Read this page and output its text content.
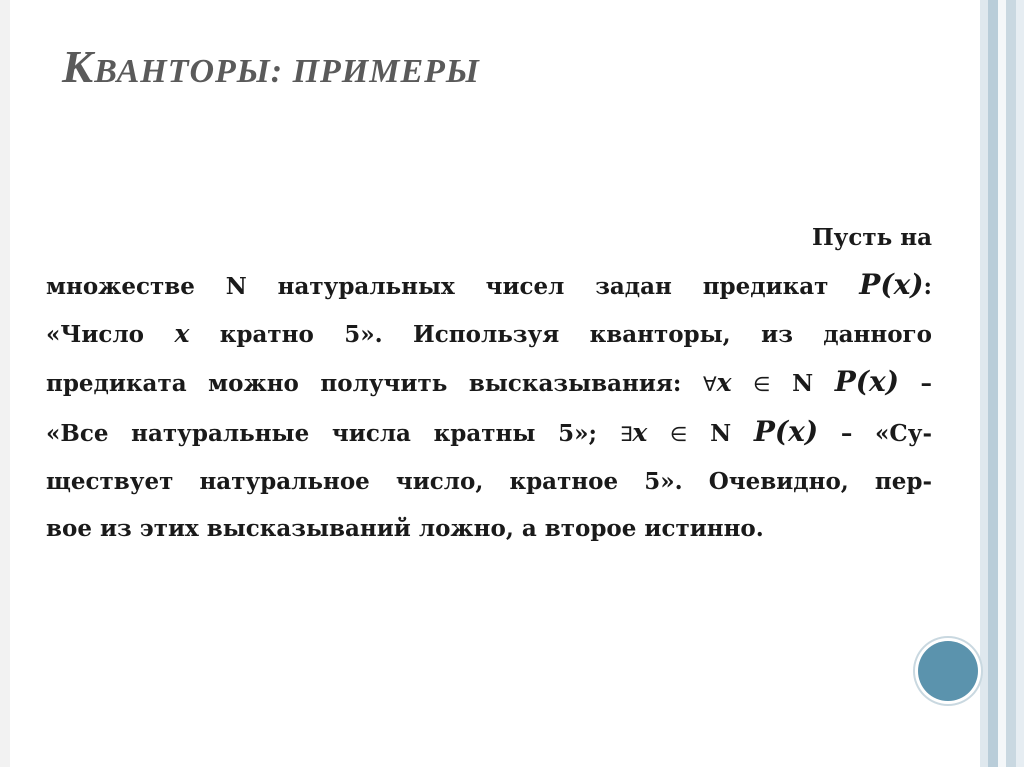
КВАНТОРЫ: ПРИМЕРЫ
Пусть на
множестве N натуральных чисел задан предикат P(x):
«Число x кратно 5». Используя кванторы, из данного
предиката можно получить высказывания: ∀x ∈ N P(x) –
«Все натуральные числа кратны 5»; ∃x ∈ N P(x) – «Су-
ществует натуральное число, кратное 5». Очевидно, пер-
вое из этих высказываний ложно, а второе истинно.
